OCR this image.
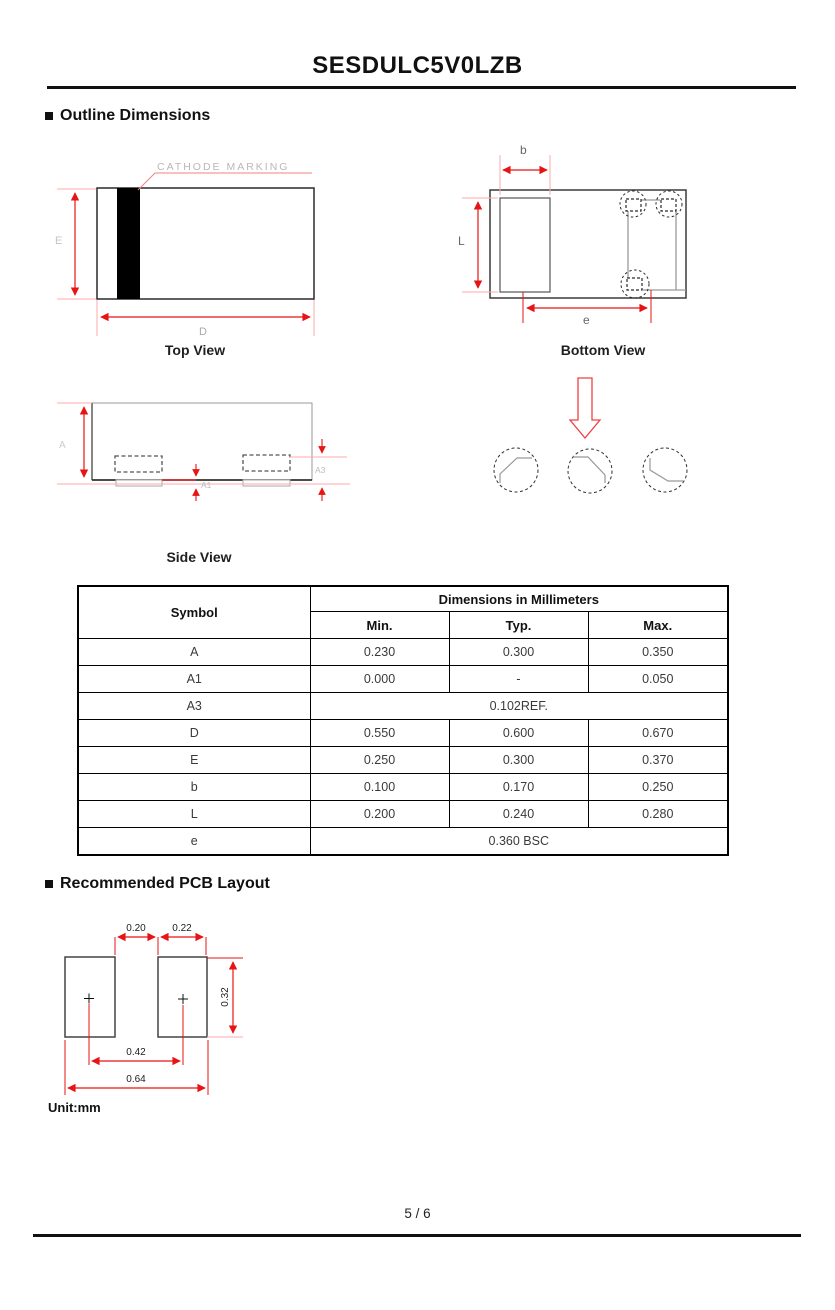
SESDULC5V0LZB
Outline Dimensions
CATHODE MARKING
E
D
b
L
e
A
A1
A3
Top View	Bottom View
Side View
Symbol	Dimensions in Millimeters		
	Min.	Typ.	Max.
A	0.230	0.300	0.350
A1	0.000	-	0.050
A3	0.102REF.		
D	0.550	0.600	0.670
E	0.250	0.300	0.370
b	0.100	0.170	0.250
L	0.200	0.240	0.280
e	0.360 BSC		
Recommended PCB Layout
0.20	0.22
0.32
0.42
0.64
Unit:mm
5 / 6
